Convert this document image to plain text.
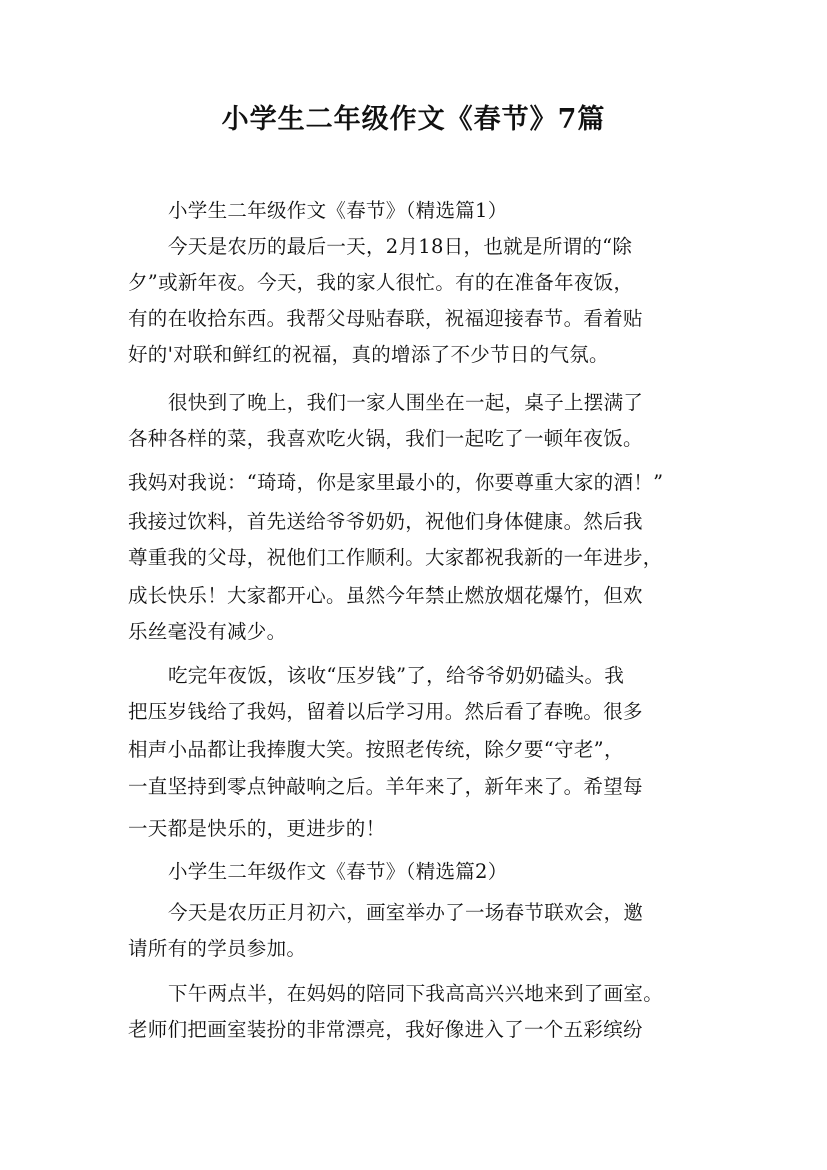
小学生二年级作文《春节》7篇
小学生二年级作文《春节》（精选篇1）
今天是农历的最后一天，2月18日，也就是所谓的“除
夕”或新年夜。今天，我的家人很忙。有的在准备年夜饭，
有的在收拾东西。我帮父母贴春联，祝福迎接春节。看着贴
好的'对联和鲜红的祝福，真的增添了不少节日的气氛。
很快到了晚上，我们一家人围坐在一起，桌子上摆满了
各种各样的菜，我喜欢吃火锅，我们一起吃了一顿年夜饭。
我妈对我说：“琦琦，你是家里最小的，你要尊重大家的酒！”
我接过饮料，首先送给爷爷奶奶，祝他们身体健康。然后我
尊重我的父母，祝他们工作顺利。大家都祝我新的一年进步，
成长快乐！大家都开心。虽然今年禁止燃放烟花爆竹，但欢
乐丝毫没有减少。
吃完年夜饭，该收“压岁钱”了，给爷爷奶奶磕头。我
把压岁钱给了我妈，留着以后学习用。然后看了春晚。很多
相声小品都让我捧腹大笑。按照老传统，除夕要“守老”，
一直坚持到零点钟敲响之后。羊年来了，新年来了。希望每
一天都是快乐的，更进步的！
小学生二年级作文《春节》（精选篇2）
今天是农历正月初六，画室举办了一场春节联欢会，邀
请所有的学员参加。
下午两点半，在妈妈的陪同下我高高兴兴地来到了画室。
老师们把画室装扮的非常漂亮，我好像进入了一个五彩缤纷
